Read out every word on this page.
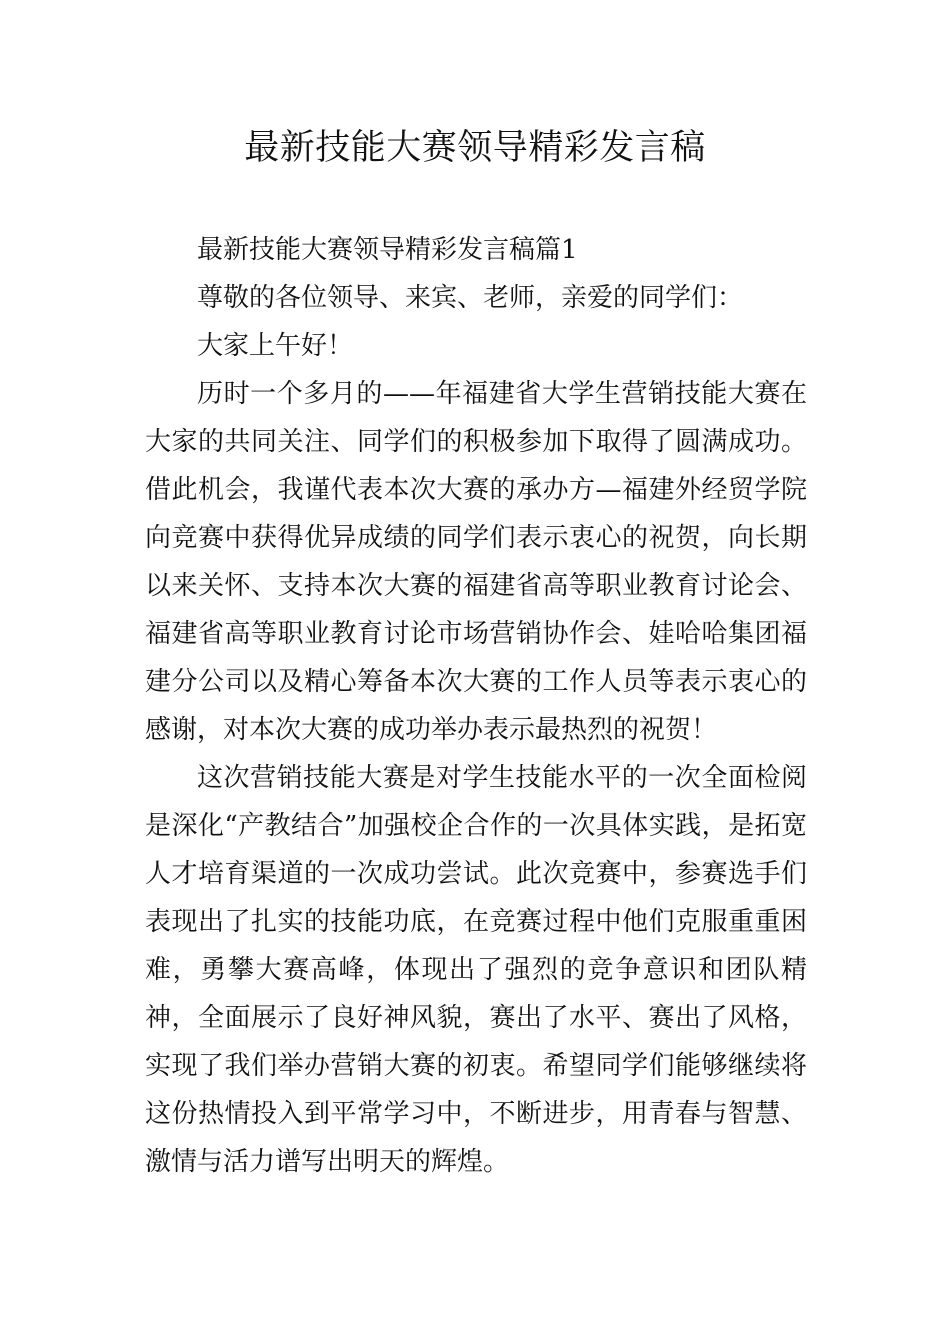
最新技能大赛领导精彩发言稿

最新技能大赛领导精彩发言稿篇1

尊敬的各位领导、来宾、老师，亲爱的同学们：

大家上午好！

历时一个多月的——年福建省大学生营销技能大赛在大家的共同关注、同学们的积极参加下取得了圆满成功。借此机会，我谨代表本次大赛的承办方—福建外经贸学院向竞赛中获得优异成绩的同学们表示衷心的祝贺，向长期以来关怀、支持本次大赛的福建省高等职业教育讨论会、福建省高等职业教育讨论市场营销协作会、娃哈哈集团福建分公司以及精心筹备本次大赛的工作人员等表示衷心的感谢，对本次大赛的成功举办表示最热烈的祝贺！

这次营销技能大赛是对学生技能水平的一次全面检阅是深化“产教结合”加强校企合作的一次具体实践，是拓宽人才培育渠道的一次成功尝试。此次竞赛中，参赛选手们表现出了扎实的技能功底，在竞赛过程中他们克服重重困难，勇攀大赛高峰，体现出了强烈的竞争意识和团队精神，全面展示了良好神风貌，赛出了水平、赛出了风格，实现了我们举办营销大赛的初衷。希望同学们能够继续将这份热情投入到平常学习中，不断进步，用青春与智慧、激情与活力谱写出明天的辉煌。
